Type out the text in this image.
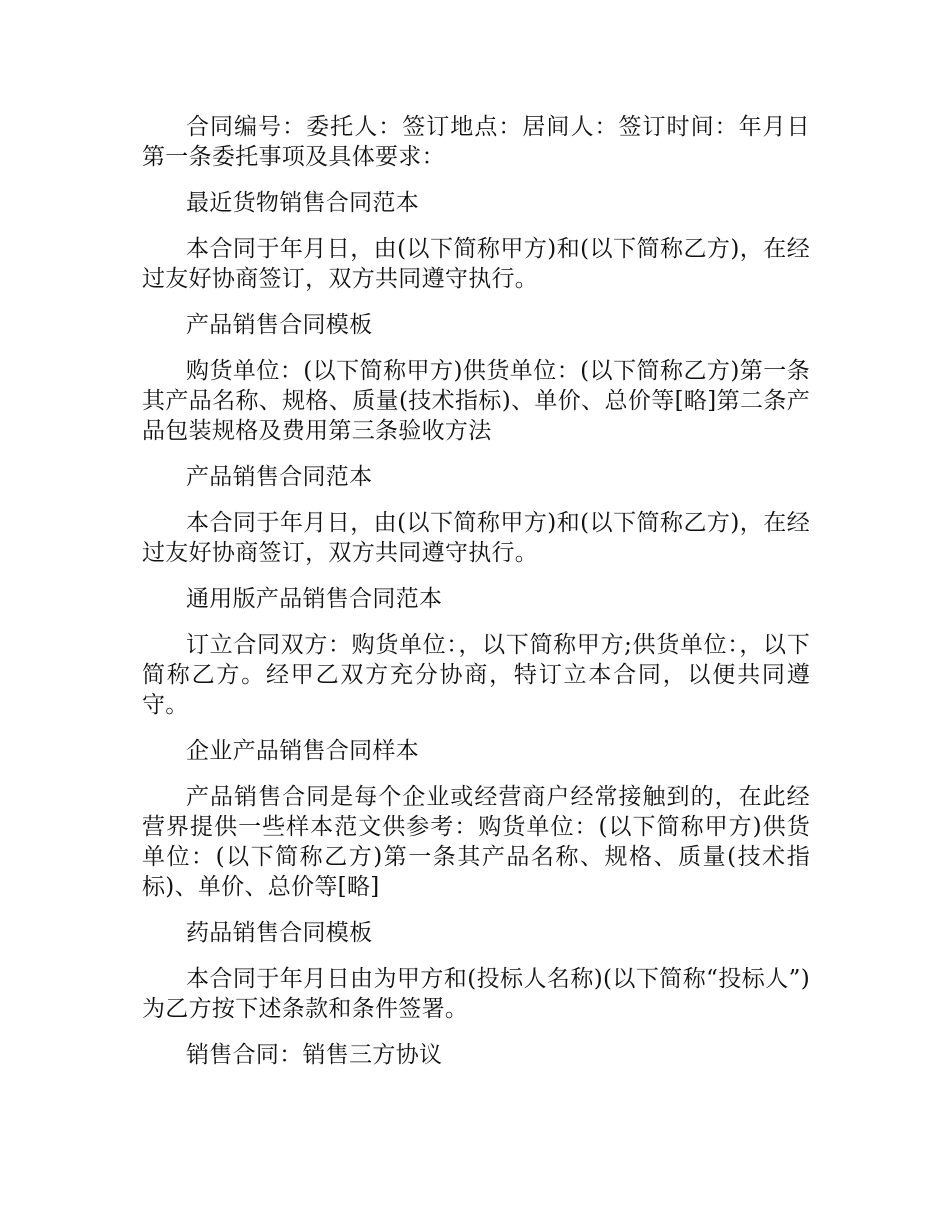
合同编号：委托人：签订地点：居间人：签订时间：年月日第一条委托事项及具体要求：

最近货物销售合同范本

本合同于年月日，由(以下简称甲方)和(以下简称乙方)，在经过友好协商签订，双方共同遵守执行。

产品销售合同模板

购货单位：(以下简称甲方)供货单位：(以下简称乙方)第一条其产品名称、规格、质量(技术指标)、单价、总价等[略]第二条产品包装规格及费用第三条验收方法

产品销售合同范本

本合同于年月日，由(以下简称甲方)和(以下简称乙方)，在经过友好协商签订，双方共同遵守执行。

通用版产品销售合同范本

订立合同双方：购货单位：，以下简称甲方;供货单位：，以下简称乙方。经甲乙双方充分协商，特订立本合同，以便共同遵守。

企业产品销售合同样本

产品销售合同是每个企业或经营商户经常接触到的，在此经营界提供一些样本范文供参考：购货单位：(以下简称甲方)供货单位：(以下简称乙方)第一条其产品名称、规格、质量(技术指标)、单价、总价等[略]

药品销售合同模板

本合同于年月日由为甲方和(投标人名称)(以下简称“投标人”)为乙方按下述条款和条件签署。

销售合同：销售三方协议
